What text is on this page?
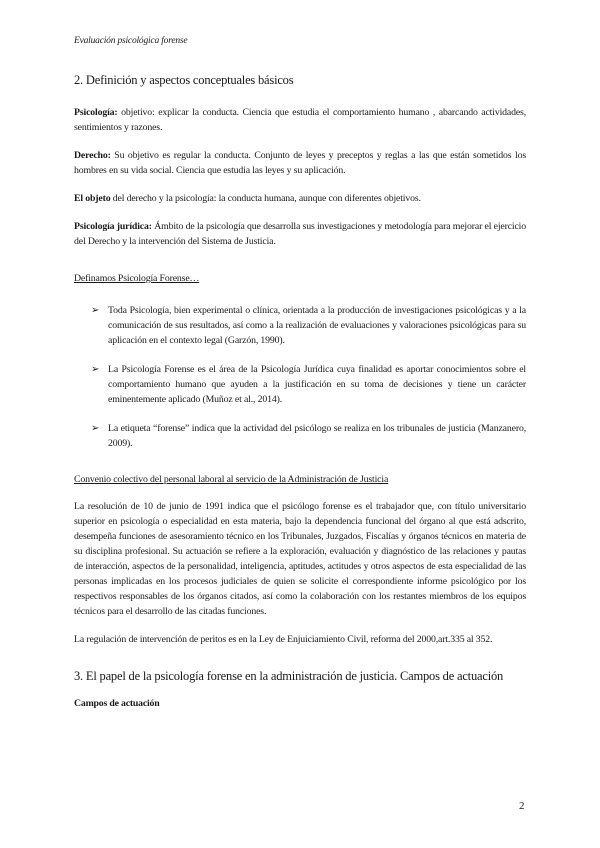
Evaluación psicológica forense
2. Definición y aspectos conceptuales básicos

Psicología: objetivo: explicar la conducta. Ciencia que estudia el comportamiento humano , abarcando actividades, sentimientos y razones.

Derecho: Su objetivo es regular la conducta. Conjunto de leyes y preceptos y reglas a las que están sometidos los hombres en su vida social. Ciencia que estudia las leyes y su aplicación.

El objeto del derecho y la psicología: la conducta humana, aunque con diferentes objetivos.

Psicología jurídica: Ámbito de la psicología que desarrolla sus investigaciones y metodología para mejorar el ejercicio del Derecho y la intervención del Sistema de Justicia.

Definamos Psicología Forense…
➢ Toda Psicología, bien experimental o clínica, orientada a la producción de investigaciones psicológicas y a la comunicación de sus resultados, así como a la realización de evaluaciones y valoraciones psicológicas para su aplicación en el contexto legal (Garzón, 1990).
➢ La Psicología Forense es el área de la Psicología Jurídica cuya finalidad es aportar conocimientos sobre el comportamiento humano que ayuden a la justificación en su toma de decisiones y tiene un carácter eminentemente aplicado (Muñoz et al., 2014).
➢ La etiqueta “forense” indica que la actividad del psicólogo se realiza en los tribunales de justicia (Manzanero, 2009).
Convenio colectivo del personal laboral al servicio de la Administración de Justicia

La resolución de 10 de junio de 1991 indica que el psicólogo forense es el trabajador que, con título universitario superior en psicología o especialidad en esta materia, bajo la dependencia funcional del órgano al que está adscrito, desempeña funciones de asesoramiento técnico en los Tribunales, Juzgados, Fiscalías y órganos técnicos en materia de su disciplina profesional. Su actuación se refiere a la exploración, evaluación y diagnóstico de las relaciones y pautas de interacción, aspectos de la personalidad, inteligencia, aptitudes, actitudes y otros aspectos de esta especialidad de las personas implicadas en los procesos judiciales de quien se solicite el correspondiente informe psicológico por los respectivos responsables de los órganos citados, así como la colaboración con los restantes miembros de los equipos técnicos para el desarrollo de las citadas funciones.

La regulación de intervención de peritos es en la Ley de Enjuiciamiento Civil, reforma del 2000,art.335 al 352.

3. El papel de la psicología forense en la administración de justicia. Campos de actuación
Campos de actuación
2
